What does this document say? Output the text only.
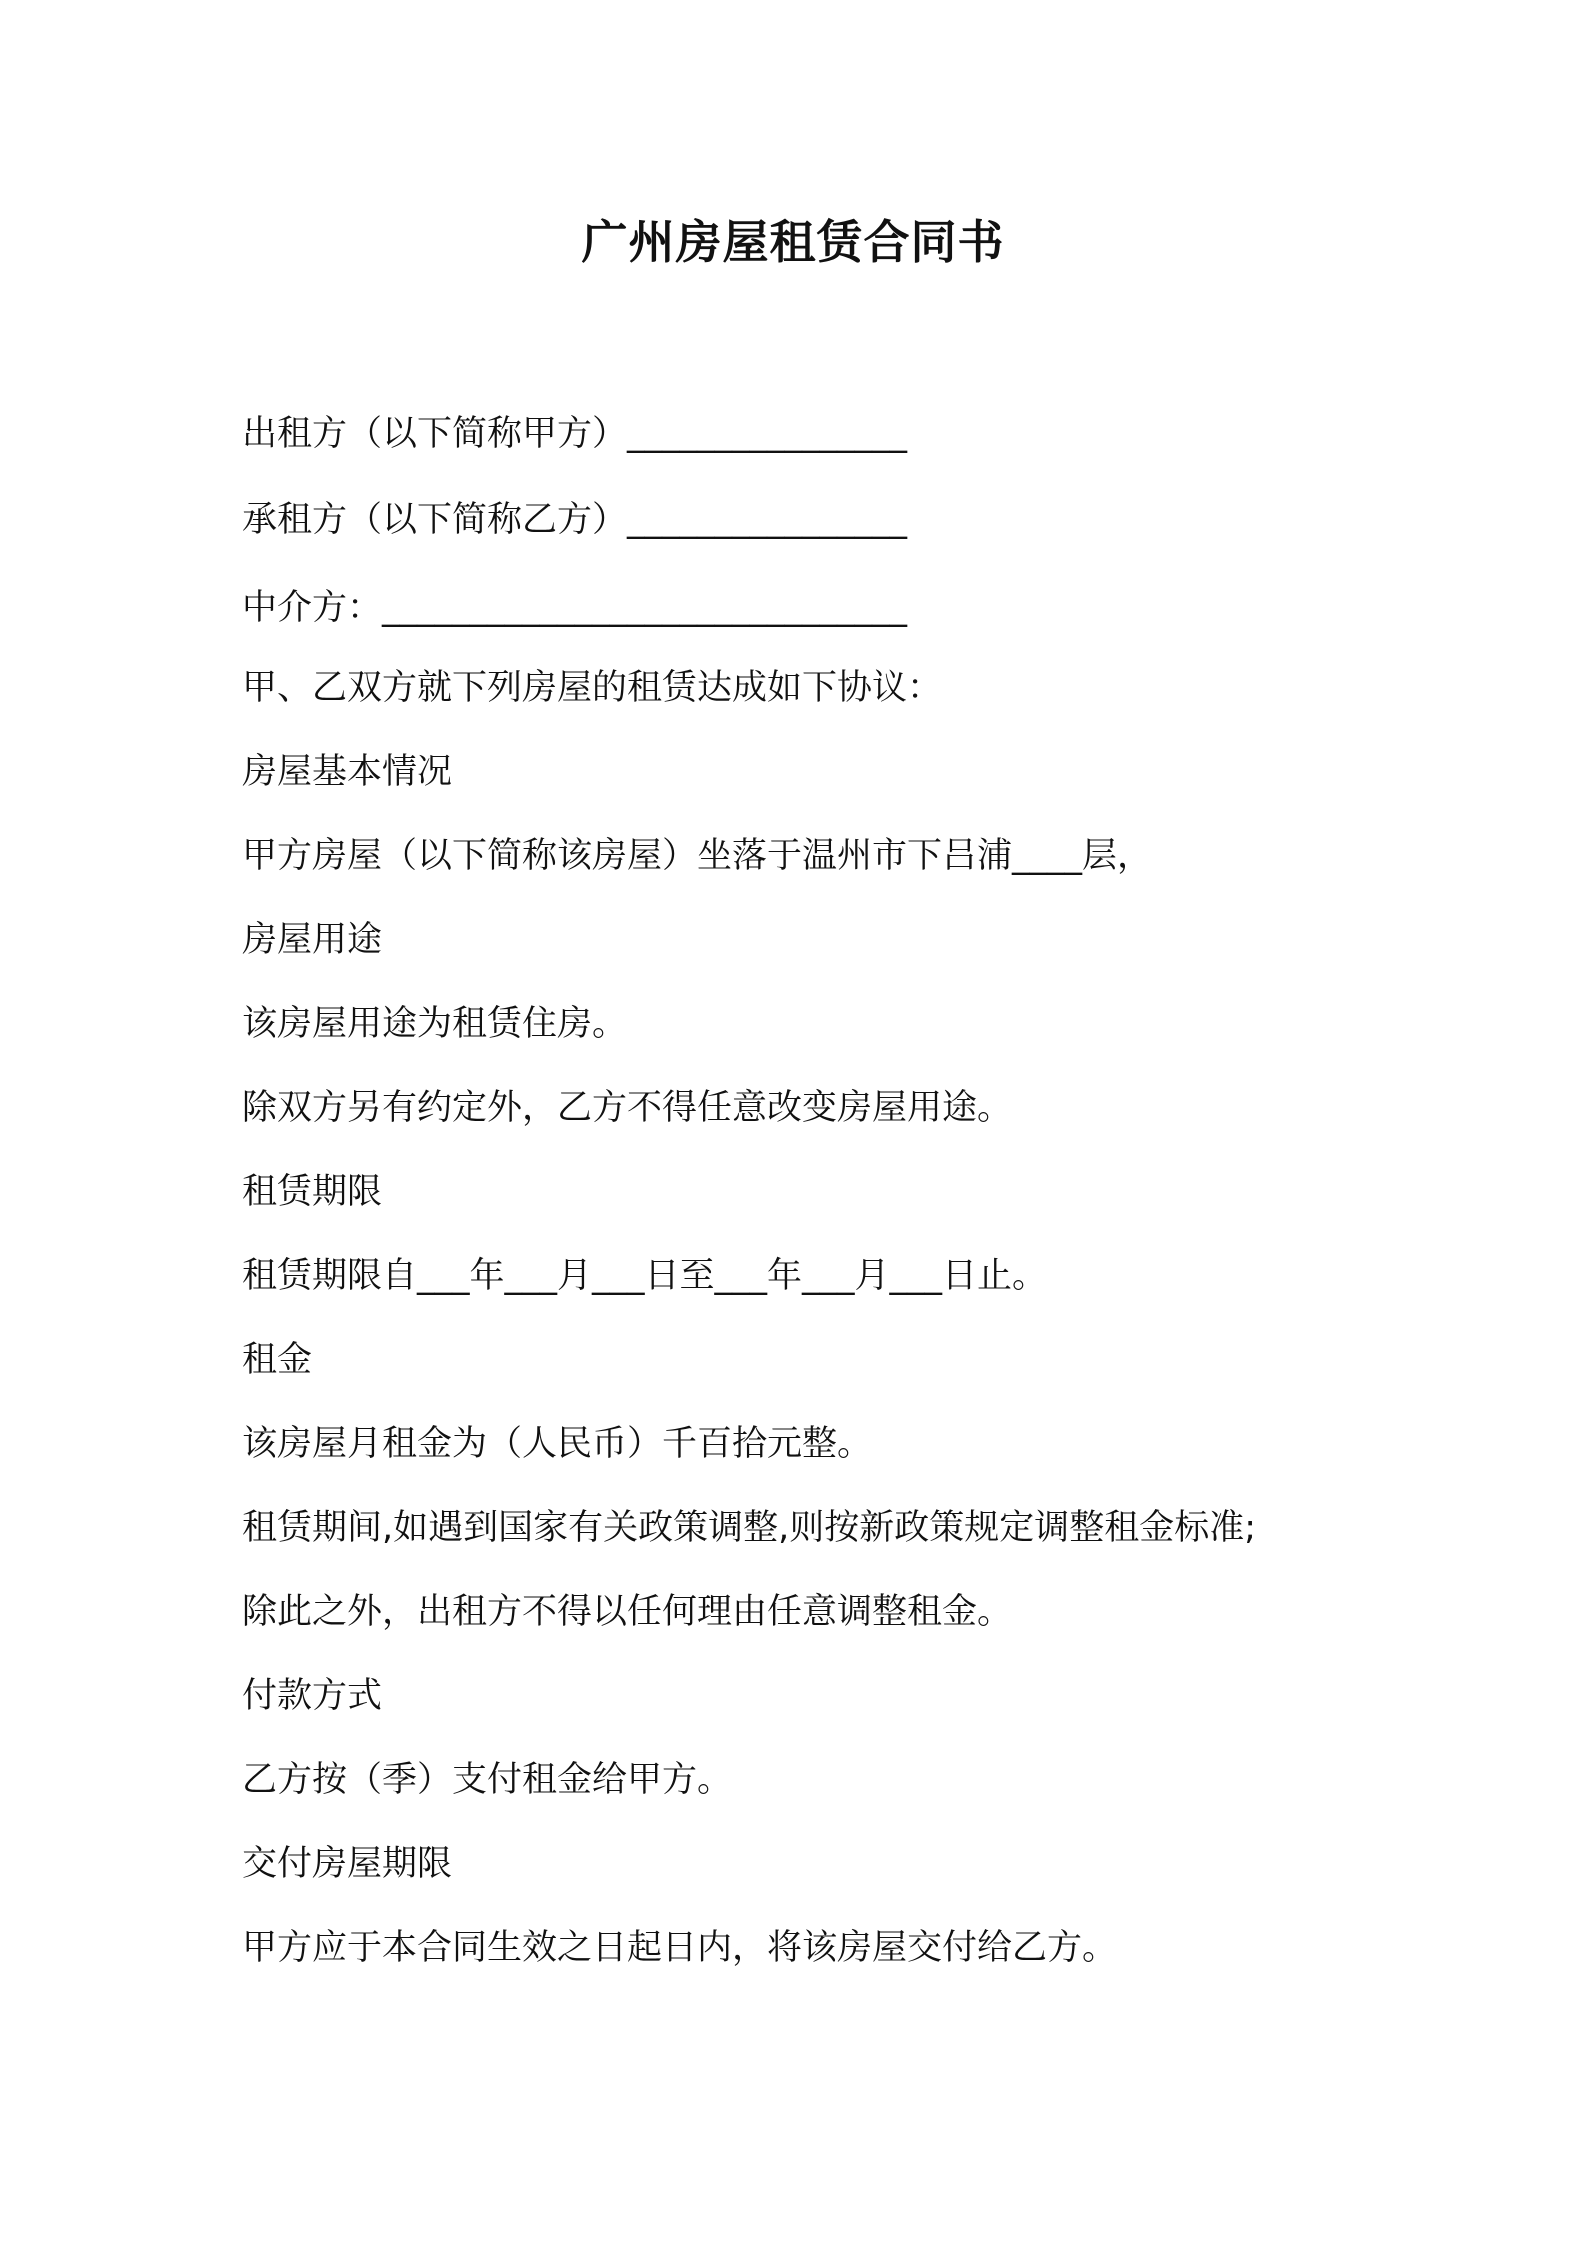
广州房屋租赁合同书

出租方（以下简称甲方）________________

承租方（以下简称乙方）________________

中介方：______________________________

甲、乙双方就下列房屋的租赁达成如下协议：

房屋基本情况

甲方房屋（以下简称该房屋）坐落于温州市下吕浦____层，

房屋用途

该房屋用途为租赁住房。

除双方另有约定外，乙方不得任意改变房屋用途。

租赁期限

租赁期限自___年___月___日至___年___月___日止。

租金

该房屋月租金为（人民币）千百拾元整。

租赁期间,如遇到国家有关政策调整,则按新政策规定调整租金标准;

除此之外，出租方不得以任何理由任意调整租金。

付款方式

乙方按（季）支付租金给甲方。

交付房屋期限

甲方应于本合同生效之日起日内，将该房屋交付给乙方。
